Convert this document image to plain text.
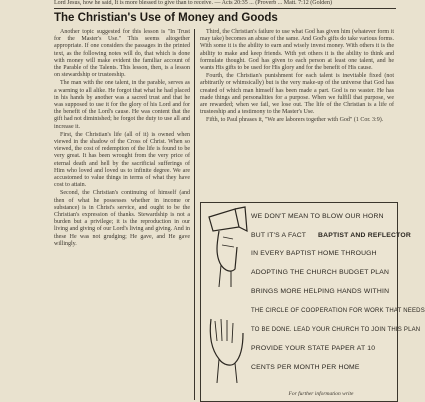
Lord Jesus, how he said, It is more blessed to give than to receive. — Acts 20:35 ... (Proverb ... Matt. 7:12 (Golden)
The Christian's Use of Money and Goods

Another topic suggested for this lesson is "In Trust for the Master's Use." This seems altogether appropriate. If one considers the passages in the printed text, as the following notes will do, that which is done with money will make evident the familiar account of the Parable of the Talents. This lesson, then, is a lesson on stewardship or trusteeship.

The man with the one talent, in the parable, serves as a warning to all alike. He forgot that what he had placed in his hands by another was a sacred trust and that he was supposed to use it for the glory of his Lord and for the benefit of the Lord's cause. He was content that the gift had not diminished; he forgot the duty to use all and increase it.

First, the Christian's life (all of it) is owned when viewed in the shadow of the Cross of Christ. When so viewed, the cost of redemption of the life is found to be very great. It has been wrought from the very price of eternal death and hell by the sacrificial sufferings of Him who loved and loved us to infinite degree. We are accustomed to value things in terms of what they have cost to attain.

Second, the Christian's continuing of himself (and then of what he possesses whether in income or substance) is in Christ's service, and ought to be the Christian's expression of thanks. Stewardship is not a burden but a privilege; it is the reproduction in our living and giving of our Lord's living and giving. And in these He was not grudging; He gave, and He gave willingly.

Third, the Christian's failure to use what God has given him (whatever form it may take) becomes an abuse of the same. And God's gifts do take various forms. With some it is the ability to earn and wisely invest money. With others it is the ability to make and keep friends. With yet others it is the ability to think and formulate thought. God has given to each person at least one talent, and he wants His gifts to be used for His glory and for the benefit of His cause.

Fourth, the Christian's punishment for each talent is inevitable fixed (not arbitrarily or whimsically) but is the very make-up of the universe that God has created of which man himself has been made a part. God is no waster. He has made things and personalities for a purpose. When we fulfill that purpose, we are rewarded; when we fail, we lose out. The life of the Christian is a life of trusteeship and a testimony to the Master's Use.

Fifth, to Paul phrases it, "We are laborers together with God" (1 Cor. 3:9).

WE DON'T MEAN TO BLOW OUR HORN
BUT IT'S A FACT BAPTIST AND REFLECTOR
IN EVERY BAPTIST HOME THROUGH
ADOPTING THE CHURCH BUDGET PLAN
BRINGS MORE HELPING HANDS WITHIN
THE CIRCLE OF COOPERATION FOR WORK THAT NEEDS
TO BE DONE. LEAD YOUR CHURCH TO JOIN THIS PLAN
PROVIDE YOUR STATE PAPER AT 10
CENTS PER MONTH PER HOME
For further information write
